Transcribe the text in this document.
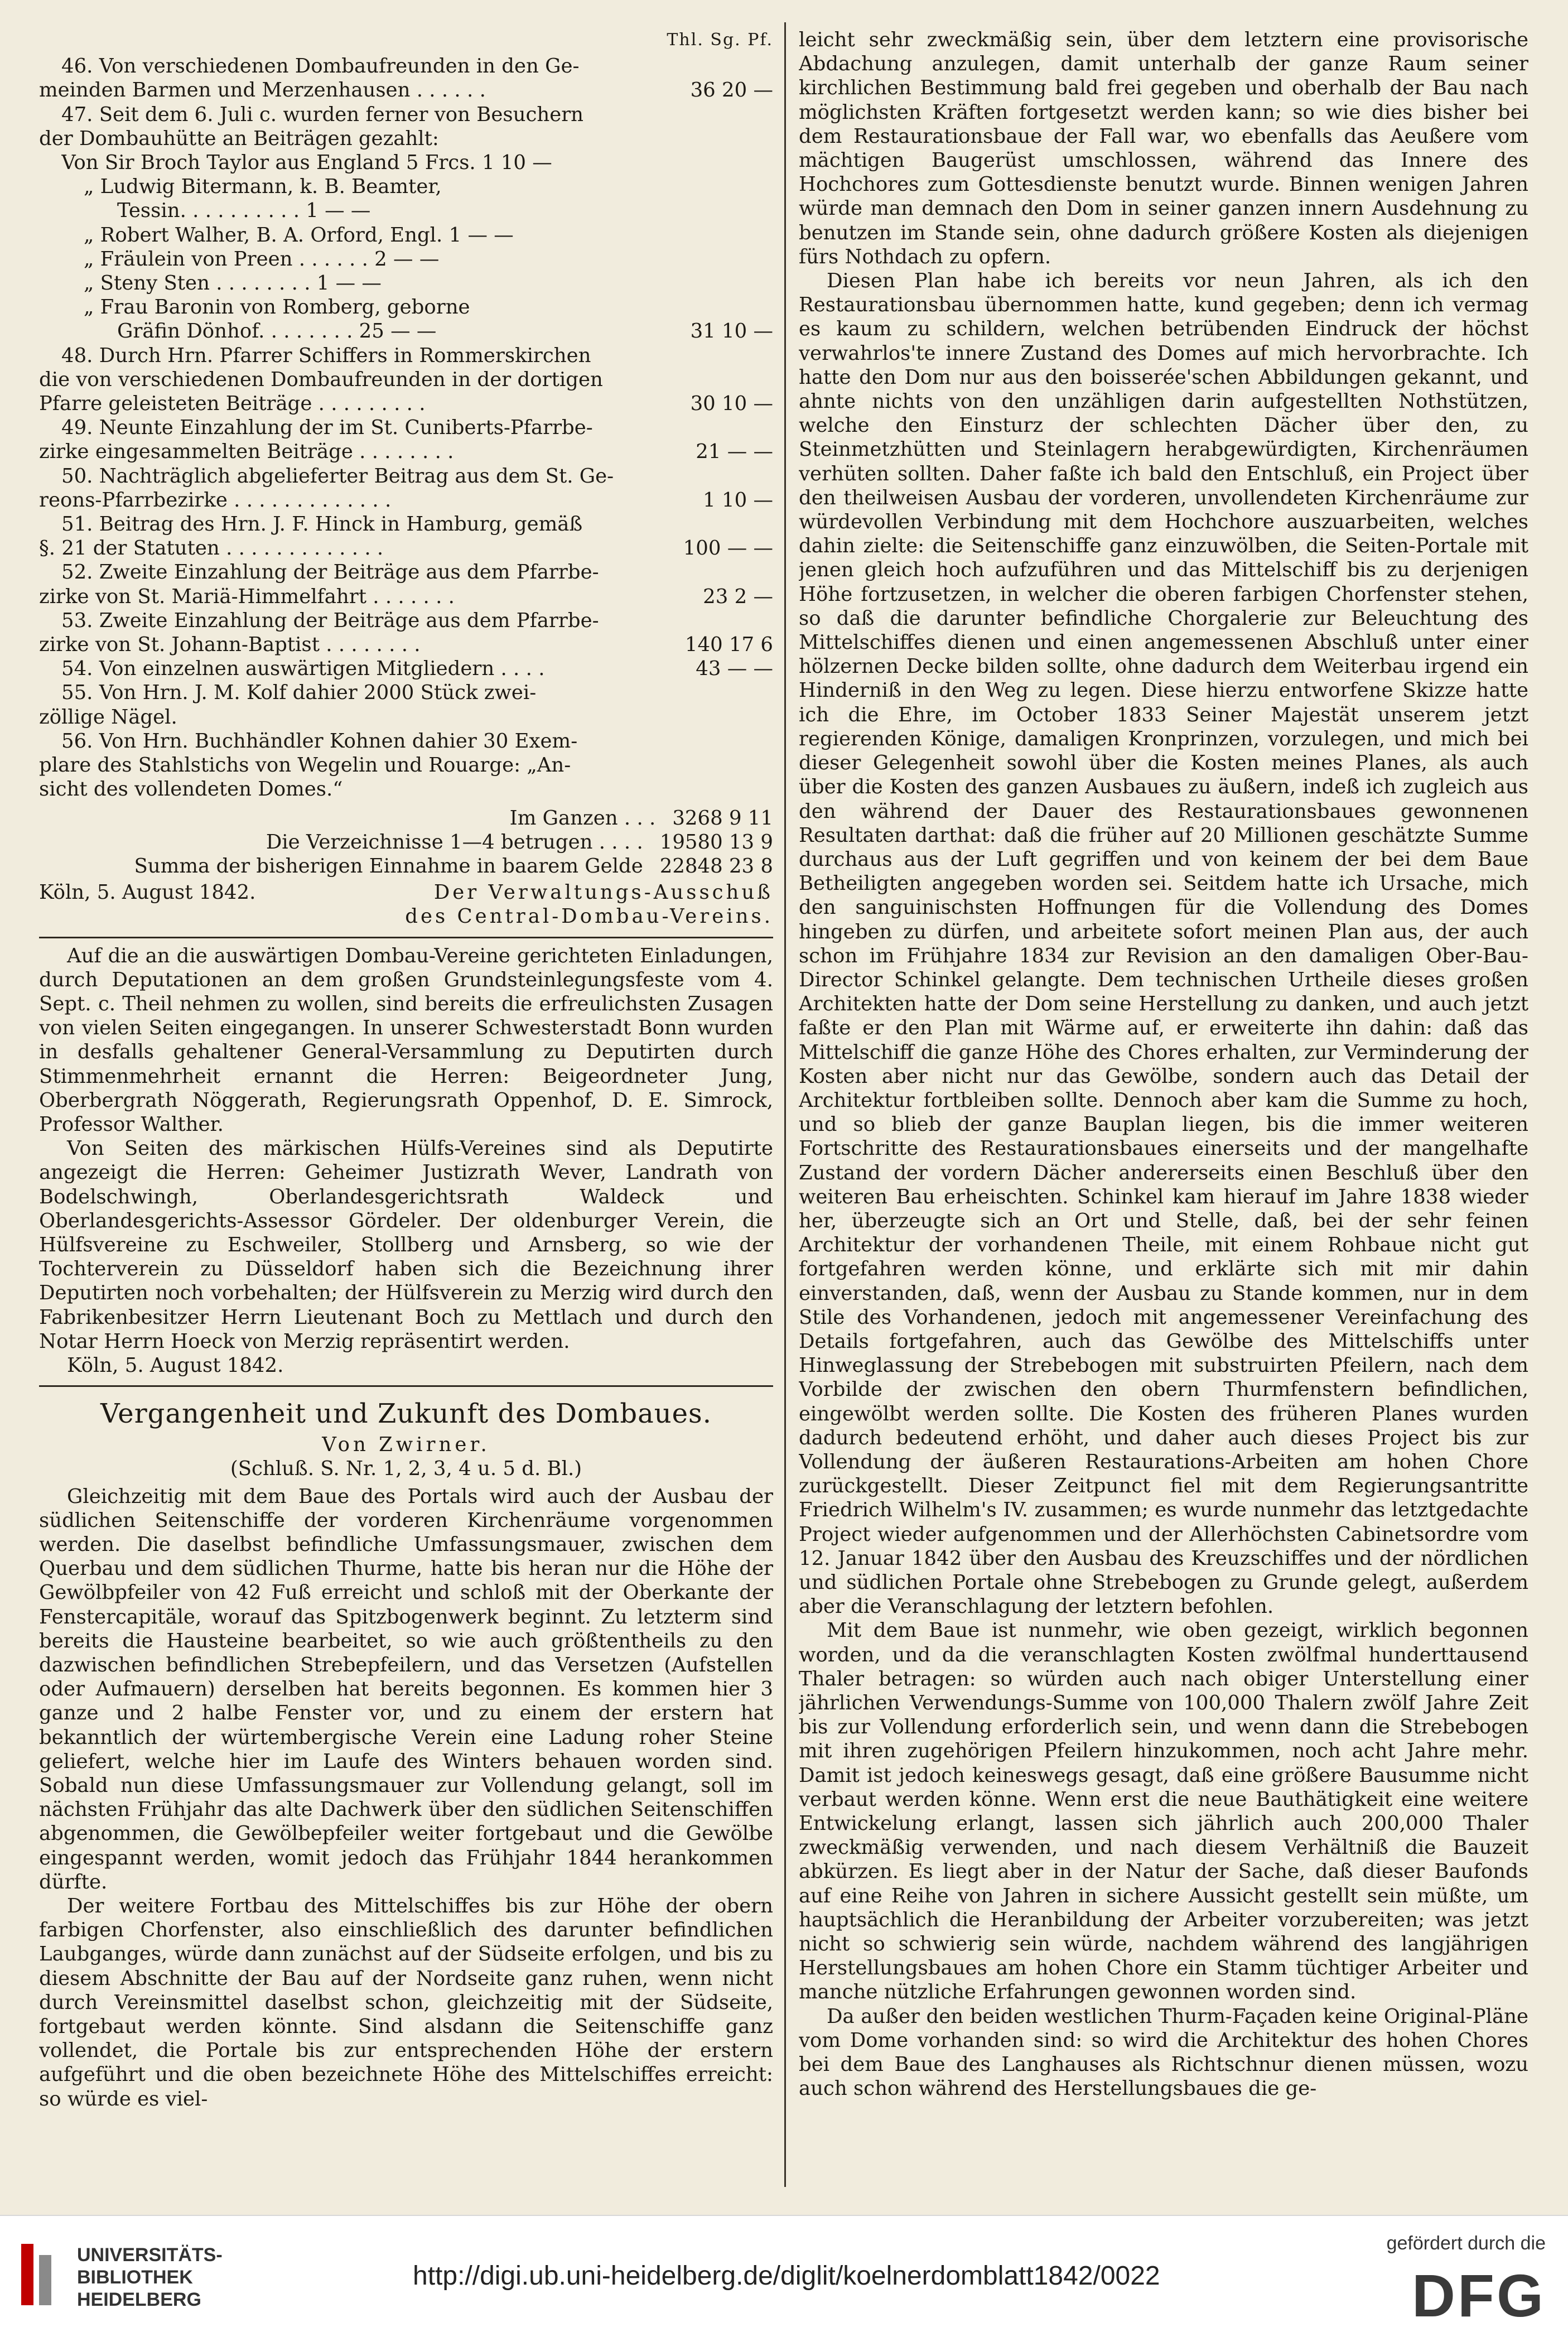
Thl. Sg. Pf.
46. Von verschiedenen Dombaufreunden in den Ge-
meinden Barmen und Merzenhausen . . . . . .	36 20 —
47. Seit dem 6. Juli c. wurden ferner von Besuchern
der Dombauhütte an Beiträgen gezahlt:
Von Sir Broch Taylor aus England 5 Frcs. 1 10 —
„ Ludwig Bitermann, k. B. Beamter,
Tessin. . . . . . . . . . 1 — —
„ Robert Walher, B. A. Orford, Engl. 1 — —
„ Fräulein von Preen . . . . . . 2 — —
„ Steny Sten . . . . . . . . 1 — —
„ Frau Baronin von Romberg, geborne
Gräfin Dönhof. . . . . . . . 25 — —	31 10 —
48. Durch Hrn. Pfarrer Schiffers in Rommerskirchen
die von verschiedenen Dombaufreunden in der dortigen
Pfarre geleisteten Beiträge . . . . . . . . .	30 10 —
49. Neunte Einzahlung der im St. Cuniberts-Pfarrbe-
zirke eingesammelten Beiträge . . . . . . . .	21 — —
50. Nachträglich abgelieferter Beitrag aus dem St. Ge-
reons-Pfarrbezirke . . . . . . . . . . . . .	1 10 —
51. Beitrag des Hrn. J. F. Hinck in Hamburg, gemäß
§. 21 der Statuten . . . . . . . . . . . . .	100 — —
52. Zweite Einzahlung der Beiträge aus dem Pfarrbe-
zirke von St. Mariä-Himmelfahrt . . . . . . .	23 2 —
53. Zweite Einzahlung der Beiträge aus dem Pfarrbe-
zirke von St. Johann-Baptist . . . . . . . .	140 17 6
54. Von einzelnen auswärtigen Mitgliedern . . . .	43 — —
55. Von Hrn. J. M. Kolf dahier 2000 Stück zwei-
zöllige Nägel.
56. Von Hrn. Buchhändler Kohnen dahier 30 Exem-
plare des Stahlstichs von Wegelin und Rouarge: „An-
sicht des vollendeten Domes.“
Im Ganzen . . . 3268 9 11
Die Verzeichnisse 1—4 betrugen . . . . 19580 13 9
Summa der bisherigen Einnahme in baarem Gelde 22848 23 8
Köln, 5. August 1842.	Der Verwaltungs-Ausschuß
des Central-Dombau-Vereins.

Auf die an die auswärtigen Dombau-Vereine gerichteten Einladungen, durch Deputationen an dem großen Grundsteinlegungsfeste vom 4. Sept. c. Theil nehmen zu wollen, sind bereits die erfreulichsten Zusagen von vielen Seiten eingegangen. In unserer Schwesterstadt Bonn wurden in desfalls gehaltener General-Versammlung zu Deputirten durch Stimmenmehrheit ernannt die Herren: Beigeordneter Jung, Oberbergrath Nöggerath, Regierungsrath Oppenhof, D. E. Simrock, Professor Walther.

Von Seiten des märkischen Hülfs-Vereines sind als Deputirte angezeigt die Herren: Geheimer Justizrath Wever, Landrath von Bodelschwingh, Oberlandesgerichtsrath Waldeck und Oberlandesgerichts-Assessor Gördeler. Der oldenburger Verein, die Hülfsvereine zu Eschweiler, Stollberg und Arnsberg, so wie der Tochterverein zu Düsseldorf haben sich die Bezeichnung ihrer Deputirten noch vorbehalten; der Hülfsverein zu Merzig wird durch den Fabrikenbesitzer Herrn Lieutenant Boch zu Mettlach und durch den Notar Herrn Hoeck von Merzig repräsentirt werden.

Köln, 5. August 1842.

Vergangenheit und Zukunft des Dombaues.
Von Zwirner.
(Schluß. S. Nr. 1, 2, 3, 4 u. 5 d. Bl.)

Gleichzeitig mit dem Baue des Portals wird auch der Ausbau der südlichen Seitenschiffe der vorderen Kirchenräume vorgenommen werden. Die daselbst befindliche Umfassungsmauer, zwischen dem Querbau und dem südlichen Thurme, hatte bis heran nur die Höhe der Gewölbpfeiler von 42 Fuß erreicht und schloß mit der Oberkante der Fenstercapitäle, worauf das Spitzbogenwerk beginnt. Zu letzterm sind bereits die Hausteine bearbeitet, so wie auch größtentheils zu den dazwischen befindlichen Strebepfeilern, und das Versetzen (Aufstellen oder Aufmauern) derselben hat bereits begonnen. Es kommen hier 3 ganze und 2 halbe Fenster vor, und zu einem der erstern hat bekanntlich der würtembergische Verein eine Ladung roher Steine geliefert, welche hier im Laufe des Winters behauen worden sind. Sobald nun diese Umfassungsmauer zur Vollendung gelangt, soll im nächsten Frühjahr das alte Dachwerk über den südlichen Seitenschiffen abgenommen, die Gewölbepfeiler weiter fortgebaut und die Gewölbe eingespannt werden, womit jedoch das Frühjahr 1844 herankommen dürfte.

Der weitere Fortbau des Mittelschiffes bis zur Höhe der obern farbigen Chorfenster, also einschließlich des darunter befindlichen Laubganges, würde dann zunächst auf der Südseite erfolgen, und bis zu diesem Abschnitte der Bau auf der Nordseite ganz ruhen, wenn nicht durch Vereinsmittel daselbst schon, gleichzeitig mit der Südseite, fortgebaut werden könnte. Sind alsdann die Seitenschiffe ganz vollendet, die Portale bis zur entsprechenden Höhe der erstern aufgeführt und die oben bezeichnete Höhe des Mittelschiffes erreicht: so würde es viel-

leicht sehr zweckmäßig sein, über dem letztern eine provisorische Abdachung anzulegen, damit unterhalb der ganze Raum seiner kirchlichen Bestimmung bald frei gegeben und oberhalb der Bau nach möglichsten Kräften fortgesetzt werden kann; so wie dies bisher bei dem Restaurationsbaue der Fall war, wo ebenfalls das Aeußere vom mächtigen Baugerüst umschlossen, während das Innere des Hochchores zum Gottesdienste benutzt wurde. Binnen wenigen Jahren würde man demnach den Dom in seiner ganzen innern Ausdehnung zu benutzen im Stande sein, ohne dadurch größere Kosten als diejenigen fürs Nothdach zu opfern.

Diesen Plan habe ich bereits vor neun Jahren, als ich den Restaurationsbau übernommen hatte, kund gegeben; denn ich vermag es kaum zu schildern, welchen betrübenden Eindruck der höchst verwahrlos'te innere Zustand des Domes auf mich hervorbrachte. Ich hatte den Dom nur aus den boisserée'schen Abbildungen gekannt, und ahnte nichts von den unzähligen darin aufgestellten Nothstützen, welche den Einsturz der schlechten Dächer über den, zu Steinmetzhütten und Steinlagern herabgewürdigten, Kirchenräumen verhüten sollten. Daher faßte ich bald den Entschluß, ein Project über den theilweisen Ausbau der vorderen, unvollendeten Kirchenräume zur würdevollen Verbindung mit dem Hochchore auszuarbeiten, welches dahin zielte: die Seitenschiffe ganz einzuwölben, die Seiten-Portale mit jenen gleich hoch aufzuführen und das Mittelschiff bis zu derjenigen Höhe fortzusetzen, in welcher die oberen farbigen Chorfenster stehen, so daß die darunter befindliche Chorgalerie zur Beleuchtung des Mittelschiffes dienen und einen angemessenen Abschluß unter einer hölzernen Decke bilden sollte, ohne dadurch dem Weiterbau irgend ein Hinderniß in den Weg zu legen. Diese hierzu entworfene Skizze hatte ich die Ehre, im October 1833 Seiner Majestät unserem jetzt regierenden Könige, damaligen Kronprinzen, vorzulegen, und mich bei dieser Gelegenheit sowohl über die Kosten meines Planes, als auch über die Kosten des ganzen Ausbaues zu äußern, indeß ich zugleich aus den während der Dauer des Restaurationsbaues gewonnenen Resultaten darthat: daß die früher auf 20 Millionen geschätzte Summe durchaus aus der Luft gegriffen und von keinem der bei dem Baue Betheiligten angegeben worden sei. Seitdem hatte ich Ursache, mich den sanguinischsten Hoffnungen für die Vollendung des Domes hingeben zu dürfen, und arbeitete sofort meinen Plan aus, der auch schon im Frühjahre 1834 zur Revision an den damaligen Ober-Bau-Director Schinkel gelangte. Dem technischen Urtheile dieses großen Architekten hatte der Dom seine Herstellung zu danken, und auch jetzt faßte er den Plan mit Wärme auf, er erweiterte ihn dahin: daß das Mittelschiff die ganze Höhe des Chores erhalten, zur Verminderung der Kosten aber nicht nur das Gewölbe, sondern auch das Detail der Architektur fortbleiben sollte. Dennoch aber kam die Summe zu hoch, und so blieb der ganze Bauplan liegen, bis die immer weiteren Fortschritte des Restaurationsbaues einerseits und der mangelhafte Zustand der vordern Dächer andererseits einen Beschluß über den weiteren Bau erheischten. Schinkel kam hierauf im Jahre 1838 wieder her, überzeugte sich an Ort und Stelle, daß, bei der sehr feinen Architektur der vorhandenen Theile, mit einem Rohbaue nicht gut fortgefahren werden könne, und erklärte sich mit mir dahin einverstanden, daß, wenn der Ausbau zu Stande kommen, nur in dem Stile des Vorhandenen, jedoch mit angemessener Vereinfachung des Details fortgefahren, auch das Gewölbe des Mittelschiffs unter Hinweglassung der Strebebogen mit substruirten Pfeilern, nach dem Vorbilde der zwischen den obern Thurmfenstern befindlichen, eingewölbt werden sollte. Die Kosten des früheren Planes wurden dadurch bedeutend erhöht, und daher auch dieses Project bis zur Vollendung der äußeren Restaurations-Arbeiten am hohen Chore zurückgestellt. Dieser Zeitpunct fiel mit dem Regierungsantritte Friedrich Wilhelm's IV. zusammen; es wurde nunmehr das letztgedachte Project wieder aufgenommen und der Allerhöchsten Cabinetsordre vom 12. Januar 1842 über den Ausbau des Kreuzschiffes und der nördlichen und südlichen Portale ohne Strebebogen zu Grunde gelegt, außerdem aber die Veranschlagung der letztern befohlen.

Mit dem Baue ist nunmehr, wie oben gezeigt, wirklich begonnen worden, und da die veranschlagten Kosten zwölfmal hunderttausend Thaler betragen: so würden auch nach obiger Unterstellung einer jährlichen Verwendungs-Summe von 100,000 Thalern zwölf Jahre Zeit bis zur Vollendung erforderlich sein, und wenn dann die Strebebogen mit ihren zugehörigen Pfeilern hinzukommen, noch acht Jahre mehr. Damit ist jedoch keineswegs gesagt, daß eine größere Bausumme nicht verbaut werden könne. Wenn erst die neue Bauthätigkeit eine weitere Entwickelung erlangt, lassen sich jährlich auch 200,000 Thaler zweckmäßig verwenden, und nach diesem Verhältniß die Bauzeit abkürzen. Es liegt aber in der Natur der Sache, daß dieser Baufonds auf eine Reihe von Jahren in sichere Aussicht gestellt sein müßte, um hauptsächlich die Heranbildung der Arbeiter vorzubereiten; was jetzt nicht so schwierig sein würde, nachdem während des langjährigen Herstellungsbaues am hohen Chore ein Stamm tüchtiger Arbeiter und manche nützliche Erfahrungen gewonnen worden sind.

Da außer den beiden westlichen Thurm-Façaden keine Original-Pläne vom Dome vorhanden sind: so wird die Architektur des hohen Chores bei dem Baue des Langhauses als Richtschnur dienen müssen, wozu auch schon während des Herstellungsbaues die ge-

UNIVERSITÄTS-
BIBLIOTHEK
HEIDELBERG
http://digi.ub.uni-heidelberg.de/diglit/koelnerdomblatt1842/0022
gefördert durch die
DFG
